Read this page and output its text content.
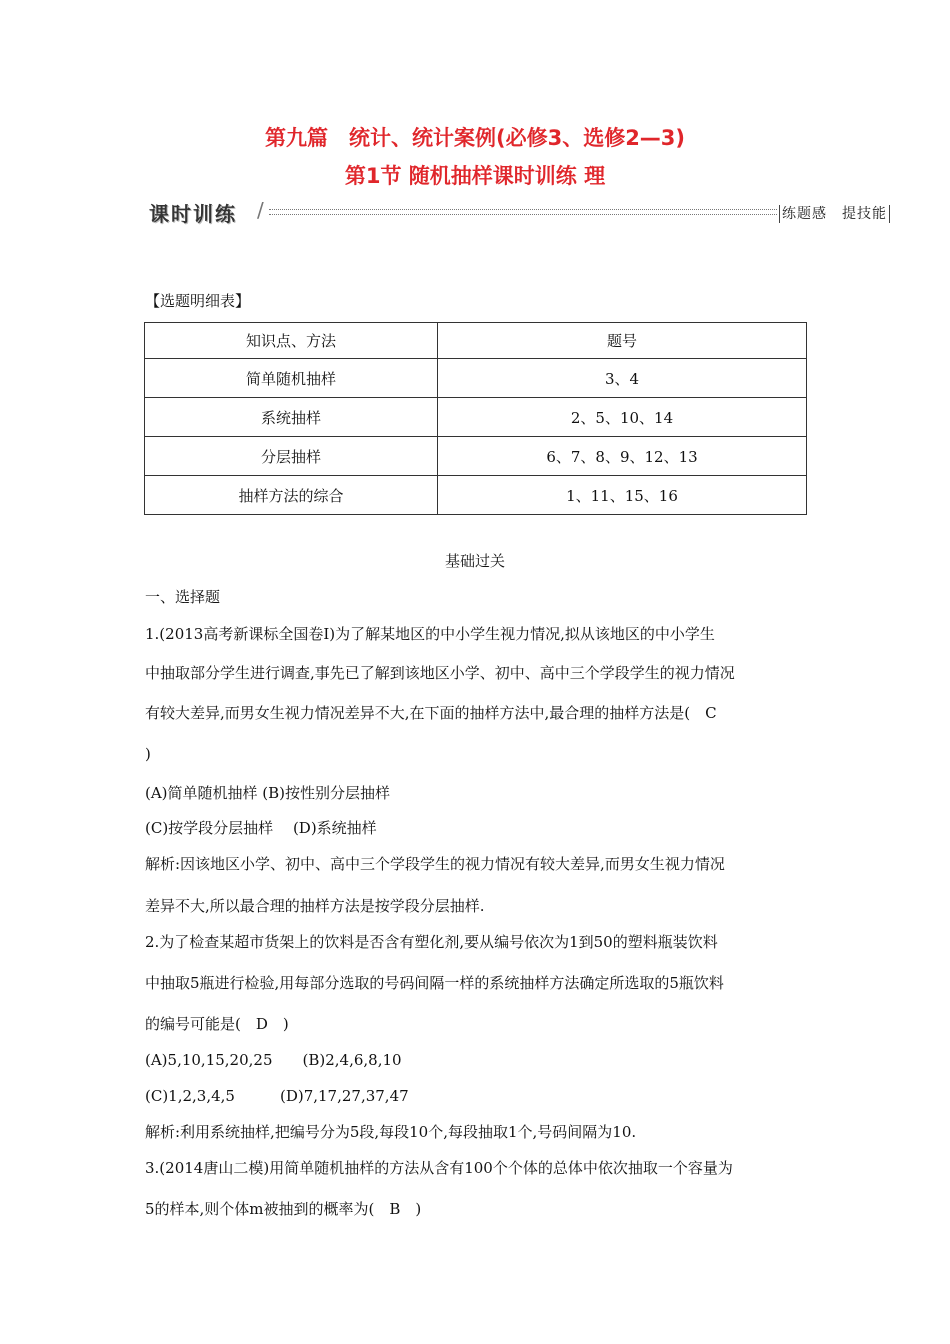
第九篇　统计、统计案例(必修3、选修2—3)
第1节 随机抽样课时训练 理
课时训练 /	练题感　提技能
【选题明细表】
知识点、方法	题号
简单随机抽样	3、4
系统抽样	2、5、10、14
分层抽样	6、7、8、9、12、13
抽样方法的综合	1、11、15、16
基础过关
一、选择题
1.(2013高考新课标全国卷Ⅰ)为了解某地区的中小学生视力情况,拟从该地区的中小学生
中抽取部分学生进行调查,事先已了解到该地区小学、初中、高中三个学段学生的视力情况
有较大差异,而男女生视力情况差异不大,在下面的抽样方法中,最合理的抽样方法是(　C
)
(A)简单随机抽样 (B)按性别分层抽样
(C)按学段分层抽样　 (D)系统抽样
解析:因该地区小学、初中、高中三个学段学生的视力情况有较大差异,而男女生视力情况
差异不大,所以最合理的抽样方法是按学段分层抽样.
2.为了检查某超市货架上的饮料是否含有塑化剂,要从编号依次为1到50的塑料瓶装饮料
中抽取5瓶进行检验,用每部分选取的号码间隔一样的系统抽样方法确定所选取的5瓶饮料
的编号可能是(　D　)
(A)5,10,15,20,25　　(B)2,4,6,8,10
(C)1,2,3,4,5　　　(D)7,17,27,37,47
解析:利用系统抽样,把编号分为5段,每段10个,每段抽取1个,号码间隔为10.
3.(2014唐山二模)用简单随机抽样的方法从含有100个个体的总体中依次抽取一个容量为
5的样本,则个体m被抽到的概率为(　B　)
